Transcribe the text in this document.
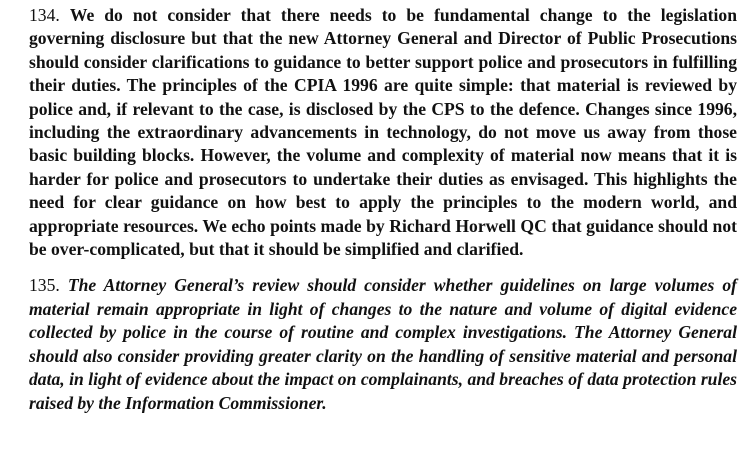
134. We do not consider that there needs to be fundamental change to the legislation governing disclosure but that the new Attorney General and Director of Public Prosecutions should consider clarifications to guidance to better support police and prosecutors in fulfilling their duties. The principles of the CPIA 1996 are quite simple: that material is reviewed by police and, if relevant to the case, is disclosed by the CPS to the defence. Changes since 1996, including the extraordinary advancements in technology, do not move us away from those basic building blocks. However, the volume and complexity of material now means that it is harder for police and prosecutors to undertake their duties as envisaged. This highlights the need for clear guidance on how best to apply the principles to the modern world, and appropriate resources. We echo points made by Richard Horwell QC that guidance should not be over-complicated, but that it should be simplified and clarified.

135. The Attorney General’s review should consider whether guidelines on large volumes of material remain appropriate in light of changes to the nature and volume of digital evidence collected by police in the course of routine and complex investigations. The Attorney General should also consider providing greater clarity on the handling of sensitive material and personal data, in light of evidence about the impact on complainants, and breaches of data protection rules raised by the Information Commissioner.
